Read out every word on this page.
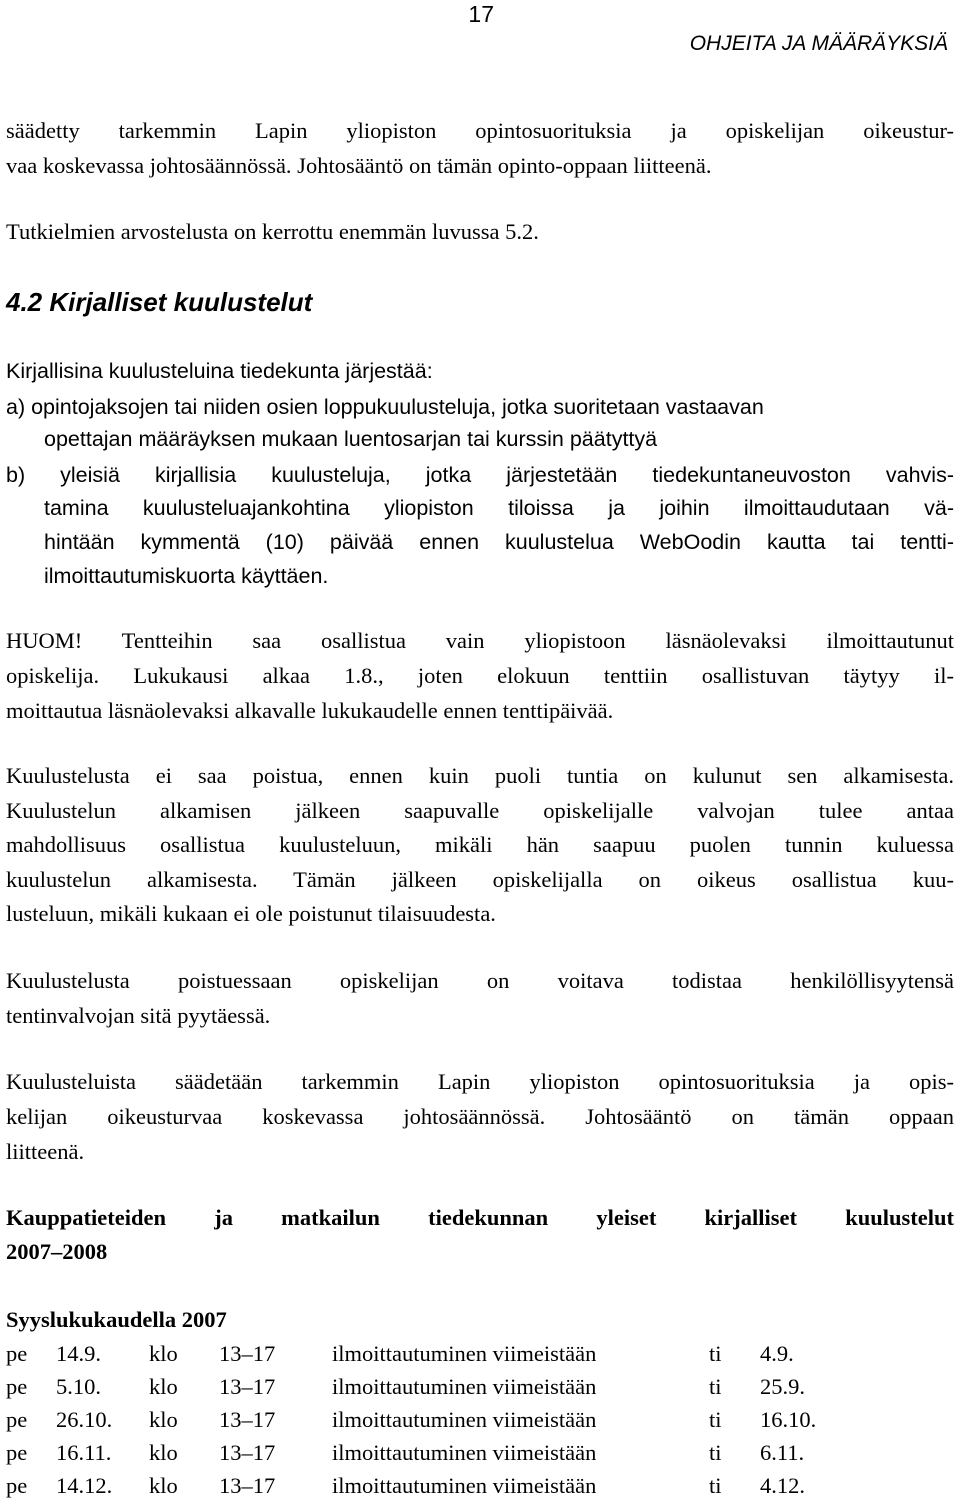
17
OHJEITA JA MÄÄRÄYKSIÄ
säädetty tarkemmin Lapin yliopiston opintosuorituksia ja opiskelijan oikeustur-
vaa koskevassa johtosäännössä. Johtosääntö on tämän opinto-oppaan liitteenä.
Tutkielmien arvostelusta on kerrottu enemmän luvussa 5.2.
4.2 Kirjalliset kuulustelut
Kirjallisina kuulusteluina tiedekunta järjestää:
a) opintojaksojen tai niiden osien loppukuulusteluja, jotka suoritetaan vastaavan
opettajan määräyksen mukaan luentosarjan tai kurssin päätyttyä
b) yleisiä kirjallisia kuulusteluja, jotka järjestetään tiedekuntaneuvoston vahvis-
tamina kuulusteluajankohtina yliopiston tiloissa ja joihin ilmoittaudutaan vä-
hintään kymmentä (10) päivää ennen kuulustelua WebOodin kautta tai tentti-
ilmoittautumiskuorta käyttäen.
HUOM! Tentteihin saa osallistua vain yliopistoon läsnäolevaksi ilmoittautunut
opiskelija. Lukukausi alkaa 1.8., joten elokuun tenttiin osallistuvan täytyy il-
moittautua läsnäolevaksi alkavalle lukukaudelle ennen tenttipäivää.
Kuulustelusta ei saa poistua, ennen kuin puoli tuntia on kulunut sen alkamisesta.
Kuulustelun alkamisen jälkeen saapuvalle opiskelijalle valvojan tulee antaa
mahdollisuus osallistua kuulusteluun, mikäli hän saapuu puolen tunnin kuluessa
kuulustelun alkamisesta. Tämän jälkeen opiskelijalla on oikeus osallistua kuu-
lusteluun, mikäli kukaan ei ole poistunut tilaisuudesta.
Kuulustelusta poistuessaan opiskelijan on voitava todistaa henkilöllisyytensä
tentinvalvojan sitä pyytäessä.
Kuulusteluista säädetään tarkemmin Lapin yliopiston opintosuorituksia ja opis-
kelijan oikeusturvaa koskevassa johtosäännössä. Johtosääntö on tämän oppaan
liitteenä.
Kauppatieteiden ja matkailun tiedekunnan yleiset kirjalliset kuulustelut
2007–2008
Syyslukukaudella 2007
pe 14.9. klo 13–17	ilmoittautuminen viimeistään	ti 4.9.
pe 5.10. klo 13–17	ilmoittautuminen viimeistään	ti 25.9.
pe 26.10. klo 13–17	ilmoittautuminen viimeistään	ti 16.10.
pe 16.11. klo 13–17	ilmoittautuminen viimeistään	ti 6.11.
pe 14.12. klo 13–17	ilmoittautuminen viimeistään	ti 4.12.
